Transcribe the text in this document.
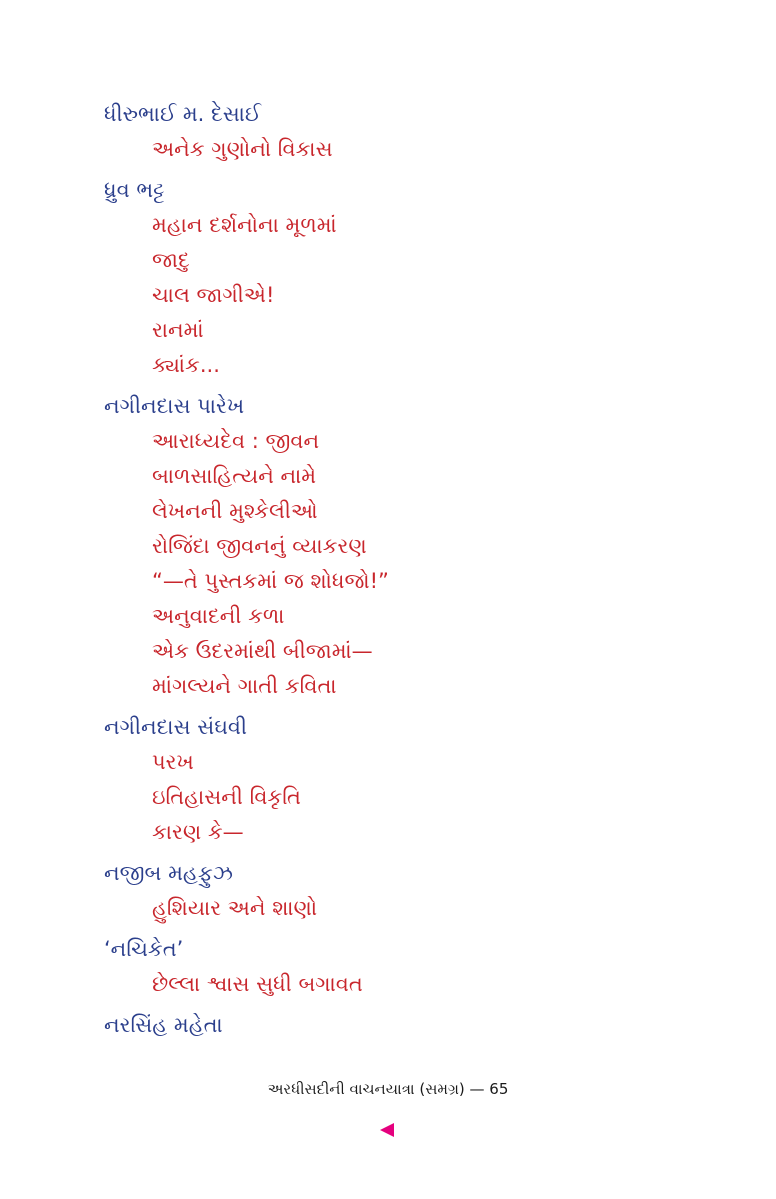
ધીરુભાઈ મ. દેસાઈ
અનેક ગુણોનો વિકાસ
ધ્રુવ ભટ્ટ
મહાન દર્શનોના મૂળમાં
જાદુ
ચાલ જાગીએ!
રાનમાં
ક્યાંક...
નગીનદાસ પારેખ
આરાધ્યદેવ : જીવન
બાળસાહિત્યને નામે
લેખનની મુશ્કેલીઓ
રોજિંદા જીવનનું વ્યાકરણ
“—તે પુસ્તકમાં જ શોધજો!”
અનુવાદની કળા
એક ઉદરમાંથી બીજામાં—
માંગલ્યને ગાતી કવિતા
નગીનદાસ સંઘવી
પરખ
ઇતિહાસની વિકૃતિ
કારણ કે—
નજીબ મહફુઝ
હુશિયાર અને શાણો
‘નચિકેત’
છેલ્લા શ્વાસ સુધી બગાવત
નરસિંહ મહેતા
અરધીસદીની વાચનયાત્રા (સમગ્ર) — 65
